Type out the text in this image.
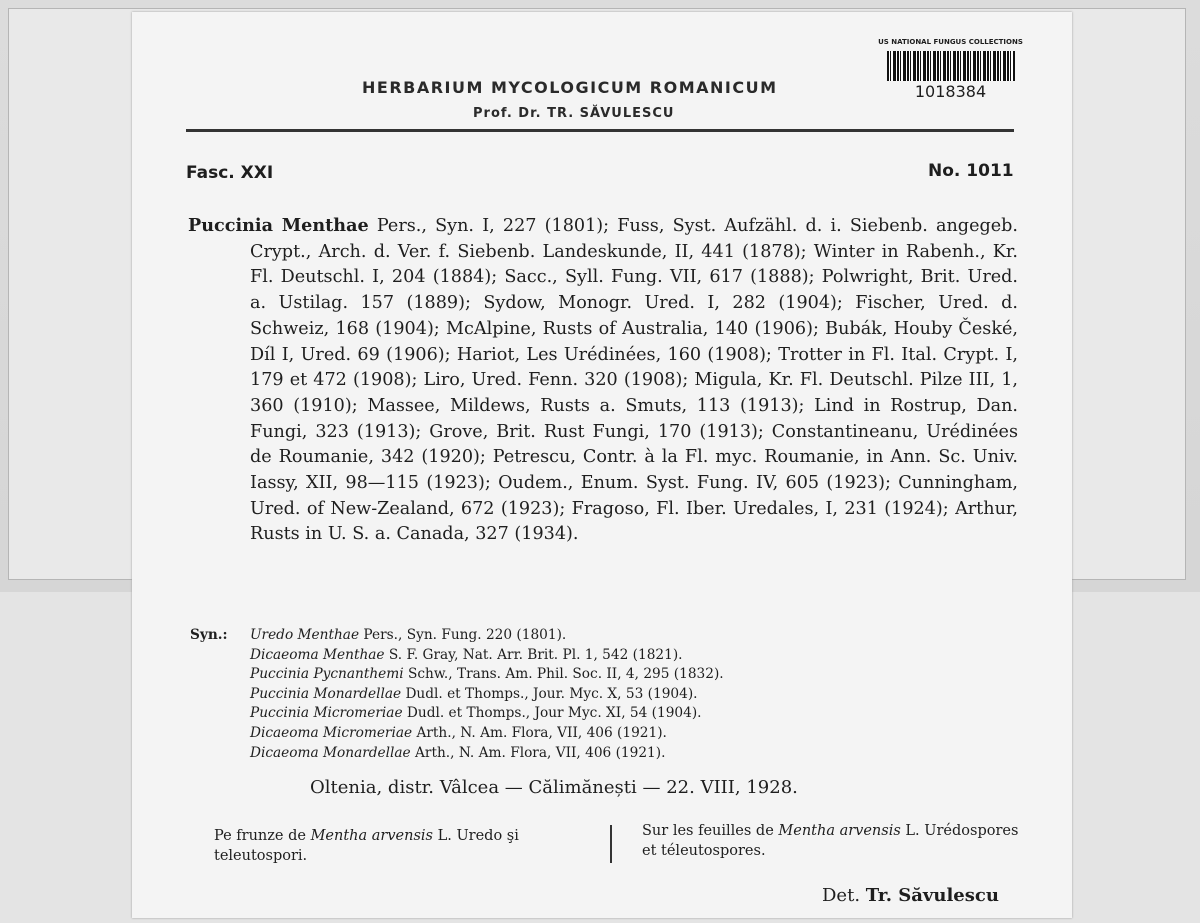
HERBARIUM MYCOLOGICUM ROMANICUM
Prof. Dr. TR. SĂVULESCU
US NATIONAL FUNGUS COLLECTIONS
1018384
Fasc. XXI	No. 1011
Puccinia Menthae Pers., Syn. I, 227 (1801); Fuss, Syst. Aufzähl. d. i. Siebenb. angegeb. Crypt., Arch. d. Ver. f. Siebenb. Landeskunde, II, 441 (1878); Winter in Rabenh., Kr. Fl. Deutschl. I, 204 (1884); Sacc., Syll. Fung. VII, 617 (1888); Polwright, Brit. Ured. a. Ustilag. 157 (1889); Sydow, Monogr. Ured. I, 282 (1904); Fischer, Ured. d. Schweiz, 168 (1904); McAlpine, Rusts of Australia, 140 (1906); Bubák, Houby České, Díl I, Ured. 69 (1906); Hariot, Les Urédinées, 160 (1908); Trotter in Fl. Ital. Crypt. I, 179 et 472 (1908); Liro, Ured. Fenn. 320 (1908); Migula, Kr. Fl. Deutschl. Pilze III, 1, 360 (1910); Massee, Mildews, Rusts a. Smuts, 113 (1913); Lind in Rostrup, Dan. Fungi, 323 (1913); Grove, Brit. Rust Fungi, 170 (1913); Constantineanu, Urédinées de Roumanie, 342 (1920); Petrescu, Contr. à la Fl. myc. Roumanie, in Ann. Sc. Univ. Iassy, XII, 98—115 (1923); Oudem., Enum. Syst. Fung. IV, 605 (1923); Cunningham, Ured. of New-Zealand, 672 (1923); Fragoso, Fl. Iber. Uredales, I, 231 (1924); Arthur, Rusts in U. S. a. Canada, 327 (1934).
Syn.: Uredo Menthae Pers., Syn. Fung. 220 (1801).
Dicaeoma Menthae S. F. Gray, Nat. Arr. Brit. Pl. 1, 542 (1821).
Puccinia Pycnanthemi Schw., Trans. Am. Phil. Soc. II, 4, 295 (1832).
Puccinia Monardellae Dudl. et Thomps., Jour. Myc. X, 53 (1904).
Puccinia Micromeriae Dudl. et Thomps., Jour Myc. XI, 54 (1904).
Dicaeoma Micromeriae Arth., N. Am. Flora, VII, 406 (1921).
Dicaeoma Monardellae Arth., N. Am. Flora, VII, 406 (1921).
Oltenia, distr. Vâlcea — Călimănești — 22. VIII, 1928.
Pe frunze de Mentha arvensis L. Uredo şi teleutospori.
Sur les feuilles de Mentha arvensis L. Urédospores et téleutospores.
Det. Tr. Săvulescu
